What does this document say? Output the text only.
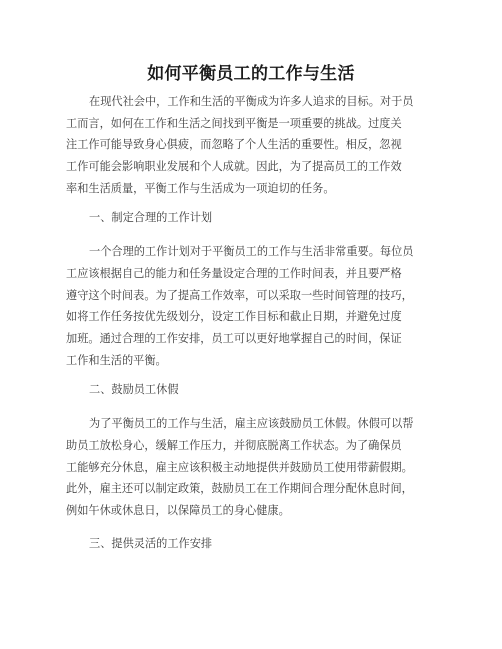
如何平衡员工的工作与生活
在现代社会中，工作和生活的平衡成为许多人追求的目标。对于员
工而言，如何在工作和生活之间找到平衡是一项重要的挑战。过度关
注工作可能导致身心俱疲，而忽略了个人生活的重要性。相反，忽视
工作可能会影响职业发展和个人成就。因此，为了提高员工的工作效
率和生活质量，平衡工作与生活成为一项迫切的任务。
一、制定合理的工作计划
一个合理的工作计划对于平衡员工的工作与生活非常重要。每位员
工应该根据自己的能力和任务量设定合理的工作时间表，并且要严格
遵守这个时间表。为了提高工作效率，可以采取一些时间管理的技巧，
如将工作任务按优先级划分，设定工作目标和截止日期，并避免过度
加班。通过合理的工作安排，员工可以更好地掌握自己的时间，保证
工作和生活的平衡。
二、鼓励员工休假
为了平衡员工的工作与生活，雇主应该鼓励员工休假。休假可以帮
助员工放松身心，缓解工作压力，并彻底脱离工作状态。为了确保员
工能够充分休息，雇主应该积极主动地提供并鼓励员工使用带薪假期。
此外，雇主还可以制定政策，鼓励员工在工作期间合理分配休息时间，
例如午休或休息日，以保障员工的身心健康。
三、提供灵活的工作安排
